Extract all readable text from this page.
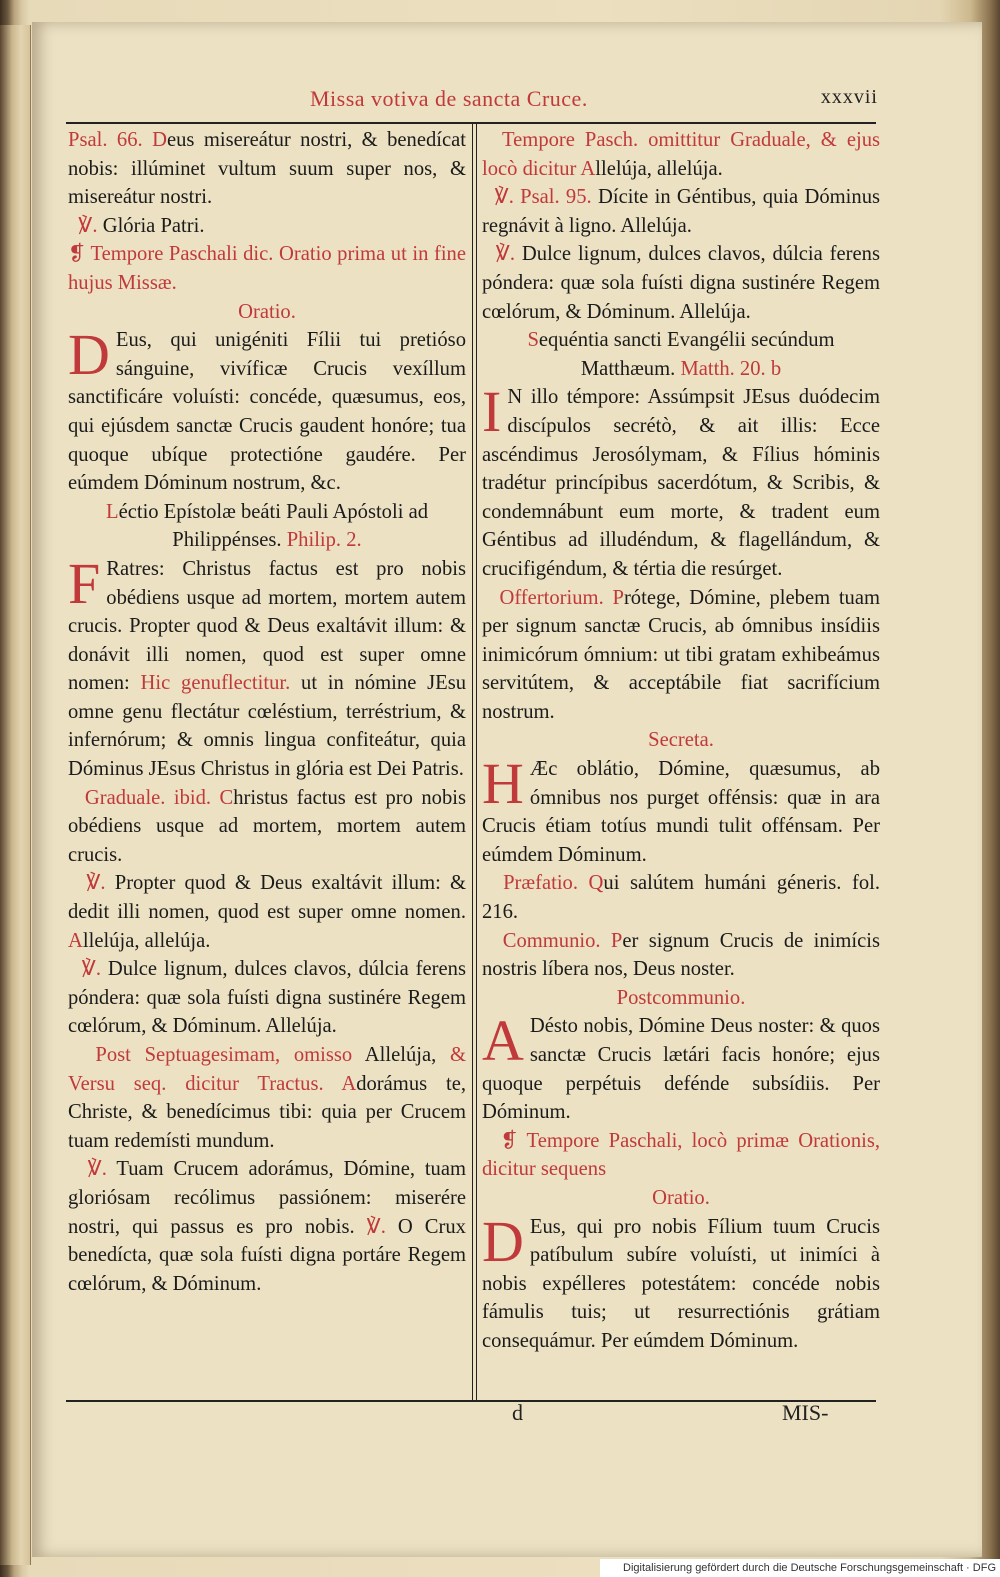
Missa votiva de sancta Cruce.	xxxvii

Psal. 66. Deus misereátur nostri, & benedícat nobis: illúminet vultum suum super nos, & misereátur nostri.

℣. Glória Patri.

❡ Tempore Paschali dic. Oratio prima ut in fine hujus Missæ.

Oratio.

D Eus, qui unigéniti Fílii tui pretióso sánguine, vivíficæ Crucis vexíllum sanctificáre voluísti: concéde, quæsumus, eos, qui ejúsdem sanctæ Crucis gaudent honóre; tua quoque ubíque protectióne gaudére. Per eúmdem Dóminum nostrum, &c.

Léctio Epístolæ beáti Pauli Apóstoli ad Philippénses. Philip. 2.

F Ratres: Christus factus est pro nobis obédiens usque ad mortem, mortem autem crucis. Propter quod & Deus exaltávit illum: & donávit illi nomen, quod est super omne nomen: Hic genuflectitur. ut in nómine JEsu omne genu flectátur cœléstium, terréstrium, & infernórum; & omnis lingua confiteátur, quia Dóminus JEsus Christus in glória est Dei Patris.

Graduale. ibid. Christus factus est pro nobis obédiens usque ad mortem, mortem autem crucis.

℣. Propter quod & Deus exaltávit illum: & dedit illi nomen, quod est super omne nomen. Allelúja, allelúja.

℣. Dulce lignum, dulces clavos, dúlcia ferens póndera: quæ sola fuísti digna sustinére Regem cœlórum, & Dóminum. Allelúja.

Post Septuagesimam, omisso Allelúja, & Versu seq. dicitur Tractus. Adorámus te, Christe, & benedícimus tibi: quia per Crucem tuam redemísti mundum.

℣. Tuam Crucem adorámus, Dómine, tuam gloriósam recólimus passiónem: miserére nostri, qui passus es pro nobis. ℣. O Crux benedícta, quæ sola fuísti digna portáre Regem cœlórum, & Dóminum.

Tempore Pasch. omittitur Graduale, & ejus locò dicitur Allelúja, allelúja.

℣. Psal. 95. Dícite in Géntibus, quia Dóminus regnávit à ligno. Allelúja.

℣. Dulce lignum, dulces clavos, dúlcia ferens póndera: quæ sola fuísti digna sustinére Regem cœlórum, & Dóminum. Allelúja.

Sequéntia sancti Evangélii secúndum Matthæum. Matth. 20. b

I N illo témpore: Assúmpsit JEsus duódecim discípulos secrétò, & ait illis: Ecce ascéndimus Jerosólymam, & Fílius hóminis tradétur princípibus sacerdótum, & Scribis, & condemnábunt eum morte, & tradent eum Géntibus ad illudéndum, & flagellándum, & crucifigéndum, & tértia die resúrget.

Offertorium. Prótege, Dómine, plebem tuam per signum sanctæ Crucis, ab ómnibus insídiis inimicórum ómnium: ut tibi gratam exhibeámus servitútem, & acceptábile fiat sacrifícium nostrum.

Secreta.

H Æc oblátio, Dómine, quæsumus, ab ómnibus nos purget offénsis: quæ in ara Crucis étiam totíus mundi tulit offénsam. Per eúmdem Dóminum.

Præfatio. Qui salútem humáni géneris. fol. 216.

Communio. Per signum Crucis de inimícis nostris líbera nos, Deus noster.

Postcommunio.

A Désto nobis, Dómine Deus noster: & quos sanctæ Crucis lætári facis honóre; ejus quoque perpétuis defénde subsídiis. Per Dóminum.

❡ Tempore Paschali, locò primæ Orationis, dicitur sequens

Oratio.

D Eus, qui pro nobis Fílium tuum Crucis patíbulum subíre voluísti, ut inimíci à nobis expélleres potestátem: concéde nobis fámulis tuis; ut resurrectiónis grátiam consequámur. Per eúmdem Dóminum.

d	MIS-
Digitalisierung gefördert durch die Deutsche Forschungsgemeinschaft · DFG
